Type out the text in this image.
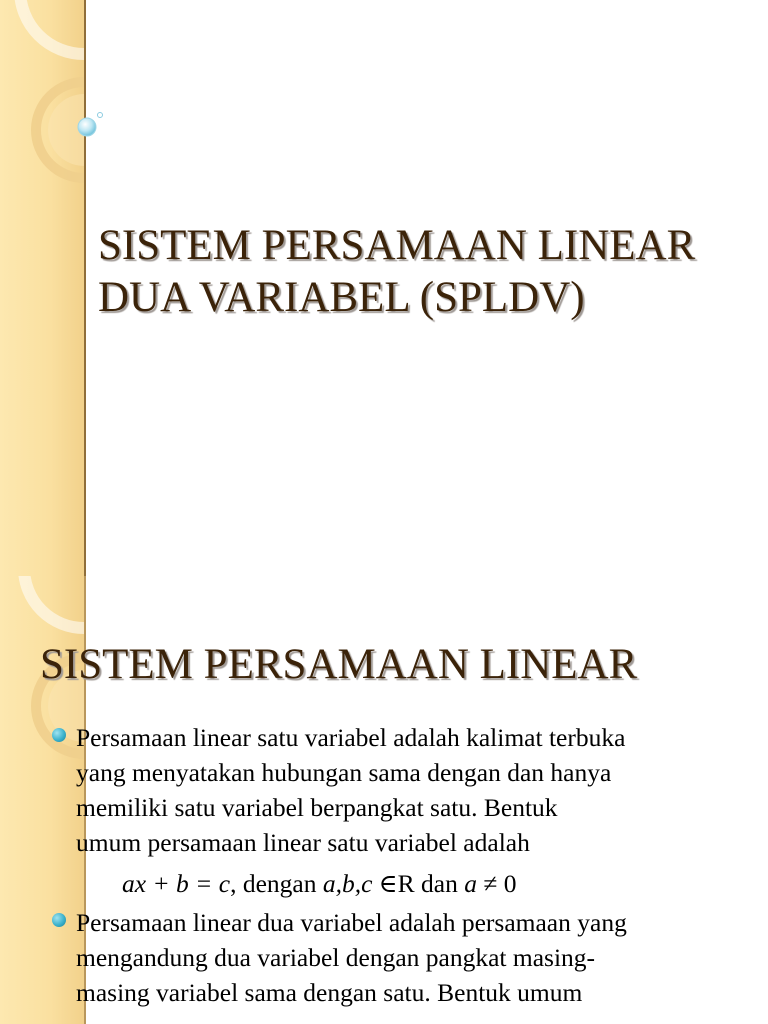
SISTEM PERSAMAAN LINEAR
DUA VARIABEL (SPLDV)
SISTEM PERSAMAAN LINEAR
Persamaan linear satu variabel adalah kalimat terbuka
yang menyatakan hubungan sama dengan dan hanya
memiliki satu variabel berpangkat satu. Bentuk
umum persamaan linear satu variabel adalah
ax + b = c, dengan a,b,c ∈R dan a ≠ 0
Persamaan linear dua variabel adalah persamaan yang
mengandung dua variabel dengan pangkat masing-
masing variabel sama dengan satu. Bentuk umum
